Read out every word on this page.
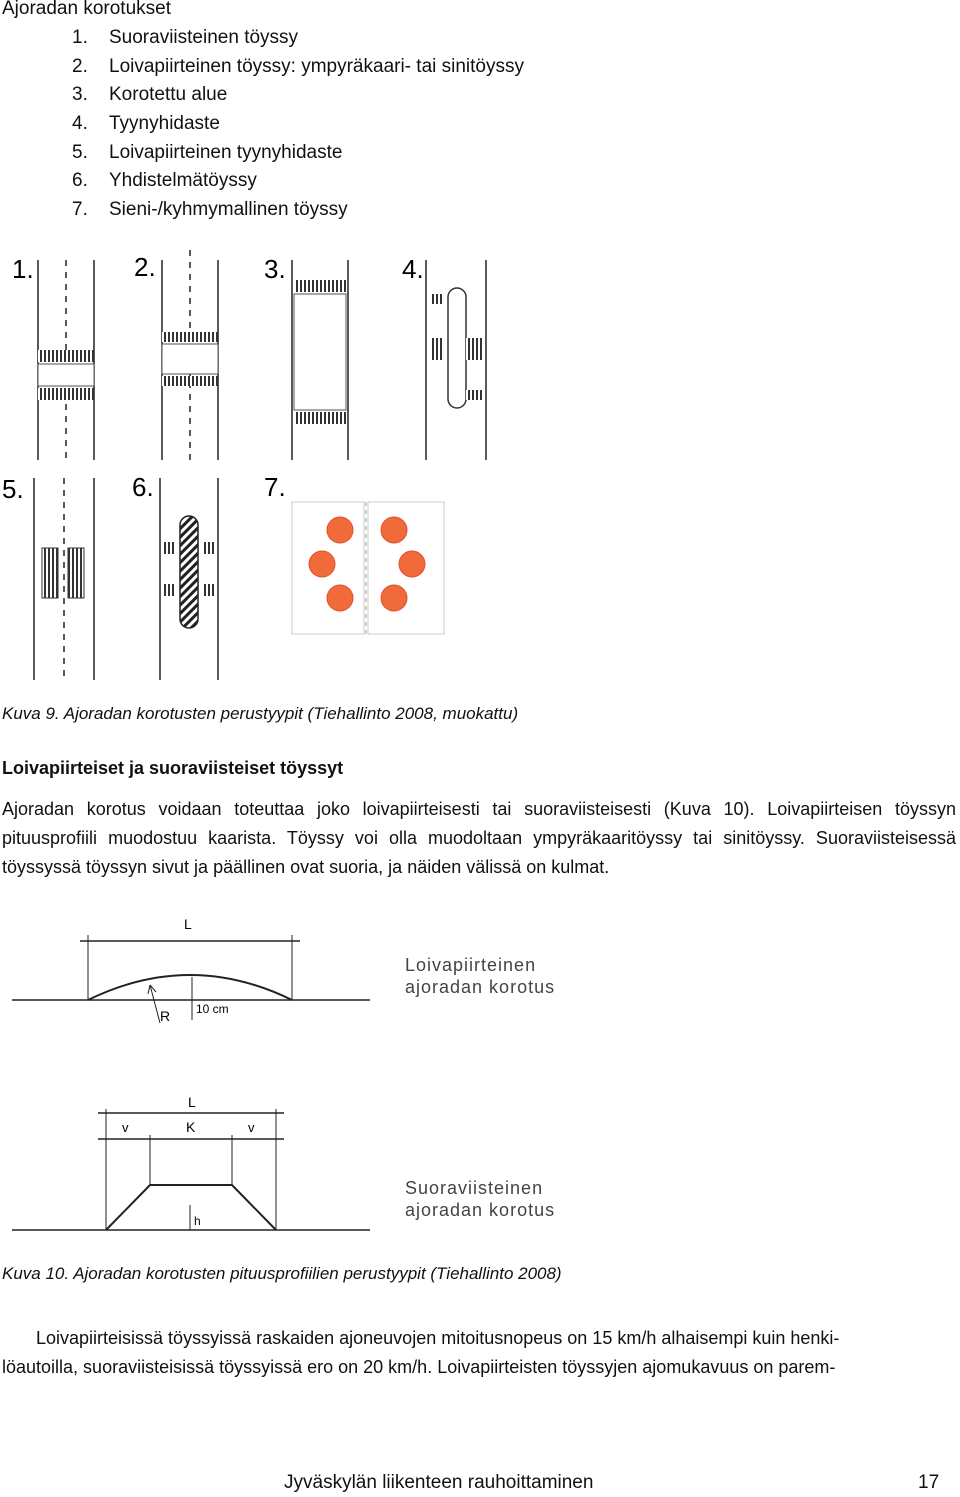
Ajoradan korotukset
1. Suoraviisteinen töyssy
2. Loivapiirteinen töyssy: ympyräkaari- tai sinitöyssy
3. Korotettu alue
4. Tyynyhidaste
5. Loivapiirteinen tyynyhidaste
6. Yhdistelmätöyssy
7. Sieni-/kyhmymallinen töyssy
1.	2.	3.	4.
5.	6.	7.
Kuva 9. Ajoradan korotusten perustyypit (Tiehallinto 2008, muokattu)
Loivapiirteiset ja suoraviisteiset töyssyt

Ajoradan korotus voidaan toteuttaa joko loivapiirteisesti tai suoraviisteisesti (Kuva 10). Loivapiirteisen töyssyn pituusprofiili muodostuu kaarista. Töyssy voi olla muodoltaan ympyräkaaritöyssy tai sinitöyssy. Suoraviisteisessä töyssyssä töyssyn sivut ja päällinen ovat suoria, ja näiden välissä on kulmat.

L
R 10 cm
Loivapiirteinen
ajoradan korotus
L
v	K	v
h
Suoraviisteinen
ajoradan korotus
Kuva 10. Ajoradan korotusten pituusprofiilien perustyypit (Tiehallinto 2008)
Loivapiirteisissä töyssyissä raskaiden ajoneuvojen mitoitusnopeus on 15 km/h alhaisempi kuin henki-
löautoilla, suoraviisteisissä töyssyissä ero on 20 km/h. Loivapiirteisten töyssyjen ajomukavuus on parem-
Jyväskylän liikenteen rauhoittaminen	17
